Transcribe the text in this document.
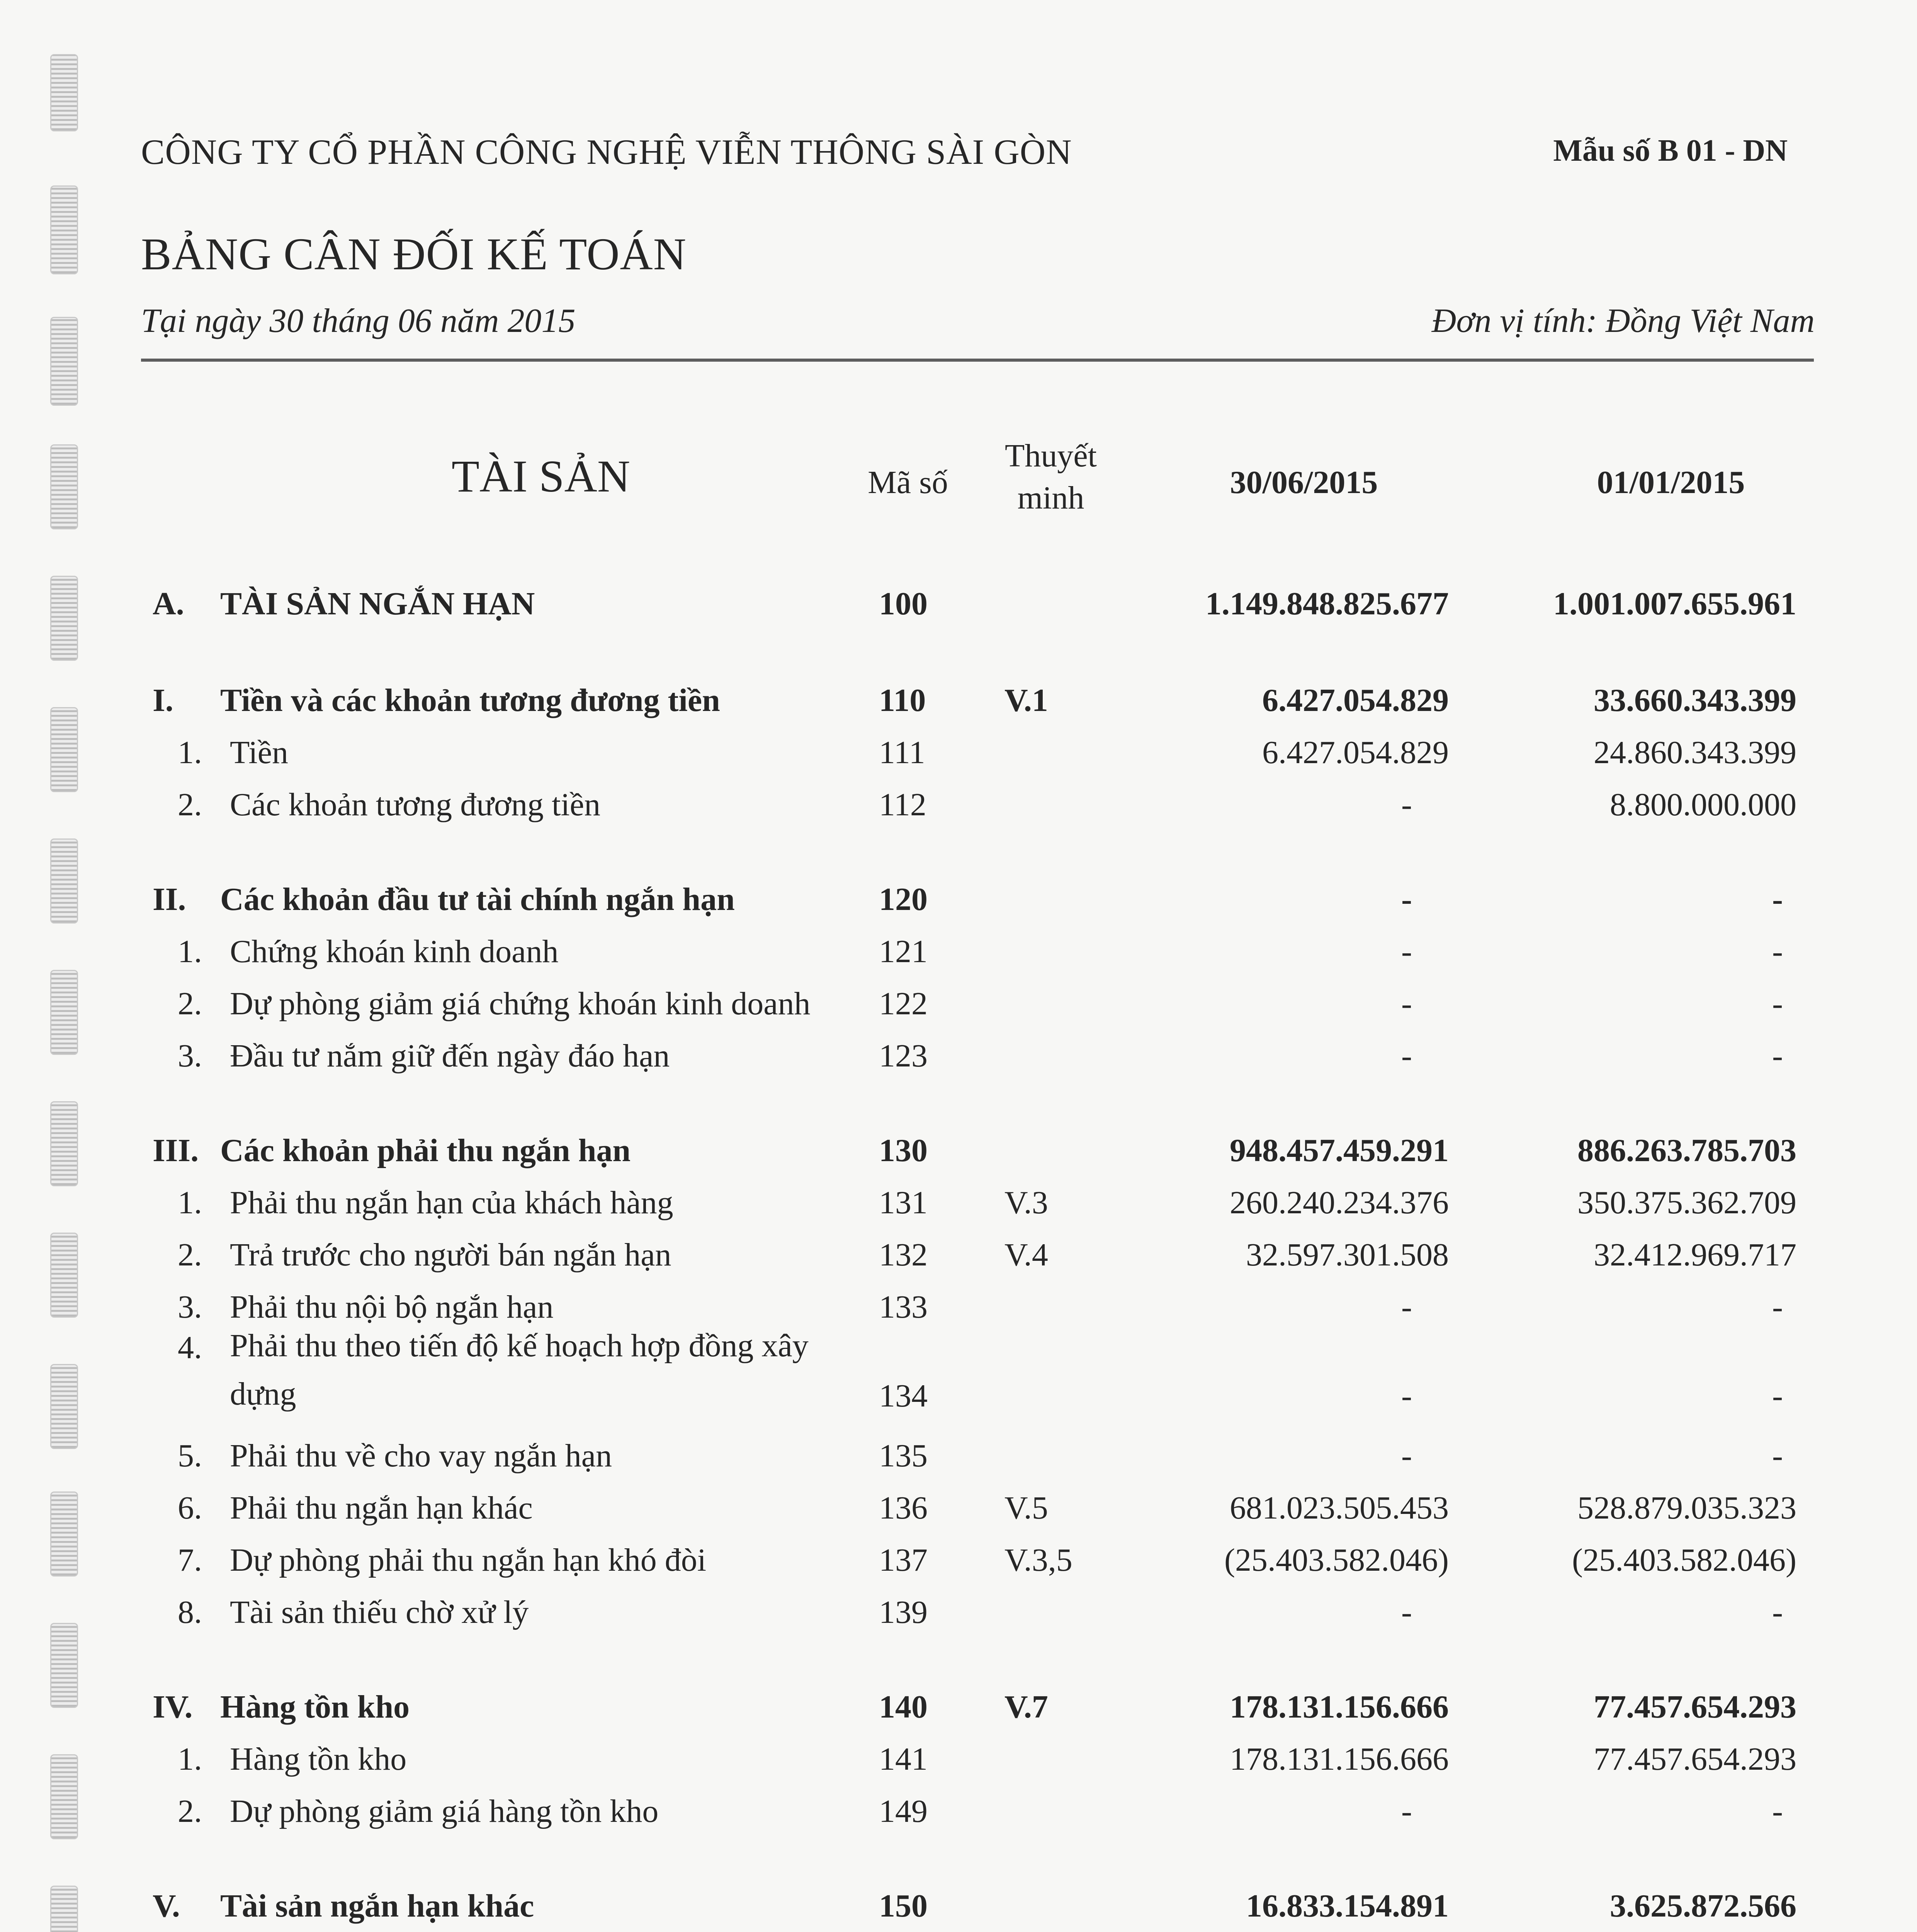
CÔNG TY CỔ PHẦN CÔNG NGHỆ VIỄN THÔNG SÀI GÒN	Mẫu số B 01 - DN
BẢNG CÂN ĐỐI KẾ TOÁN
Tại ngày 30 tháng 06 năm 2015	Đơn vị tính: Đồng Việt Nam
TÀI SẢN	Mã số
Thuyết
minh	30/06/2015	01/01/2015
A.	TÀI SẢN NGẮN HẠN	100	1.149.848.825.677	1.001.007.655.961
I.	Tiền và các khoản tương đương tiền	110	V.1	6.427.054.829	33.660.343.399
1. Tiền	111	6.427.054.829	24.860.343.399
2. Các khoản tương đương tiền	112	-	8.800.000.000
II.	Các khoản đầu tư tài chính ngắn hạn	120	-	-
1. Chứng khoán kinh doanh	121	-	-
2. Dự phòng giảm giá chứng khoán kinh doanh 122	-	-
3. Đầu tư nắm giữ đến ngày đáo hạn	123	-	-
III. Các khoản phải thu ngắn hạn	130	948.457.459.291	886.263.785.703
1. Phải thu ngắn hạn của khách hàng	131	V.3	260.240.234.376	350.375.362.709
2. Trả trước cho người bán ngắn hạn	132	V.4	32.597.301.508	32.412.969.717
3. Phải thu nội bộ ngắn hạn	133	-	-
4. Phải thu theo tiến độ kế hoạch hợp đồng xây dựng	134	-	-
5. Phải thu về cho vay ngắn hạn	135	-	-
6. Phải thu ngắn hạn khác	136	V.5	681.023.505.453	528.879.035.323
7. Dự phòng phải thu ngắn hạn khó đòi	137	V.3,5	(25.403.582.046)	(25.403.582.046)
8. Tài sản thiếu chờ xử lý	139	-	-
IV. Hàng tồn kho	140	V.7	178.131.156.666	77.457.654.293
1. Hàng tồn kho	141	178.131.156.666	77.457.654.293
2. Dự phòng giảm giá hàng tồn kho	149	-	-
V.	Tài sản ngắn hạn khác	150	16.833.154.891	3.625.872.566
